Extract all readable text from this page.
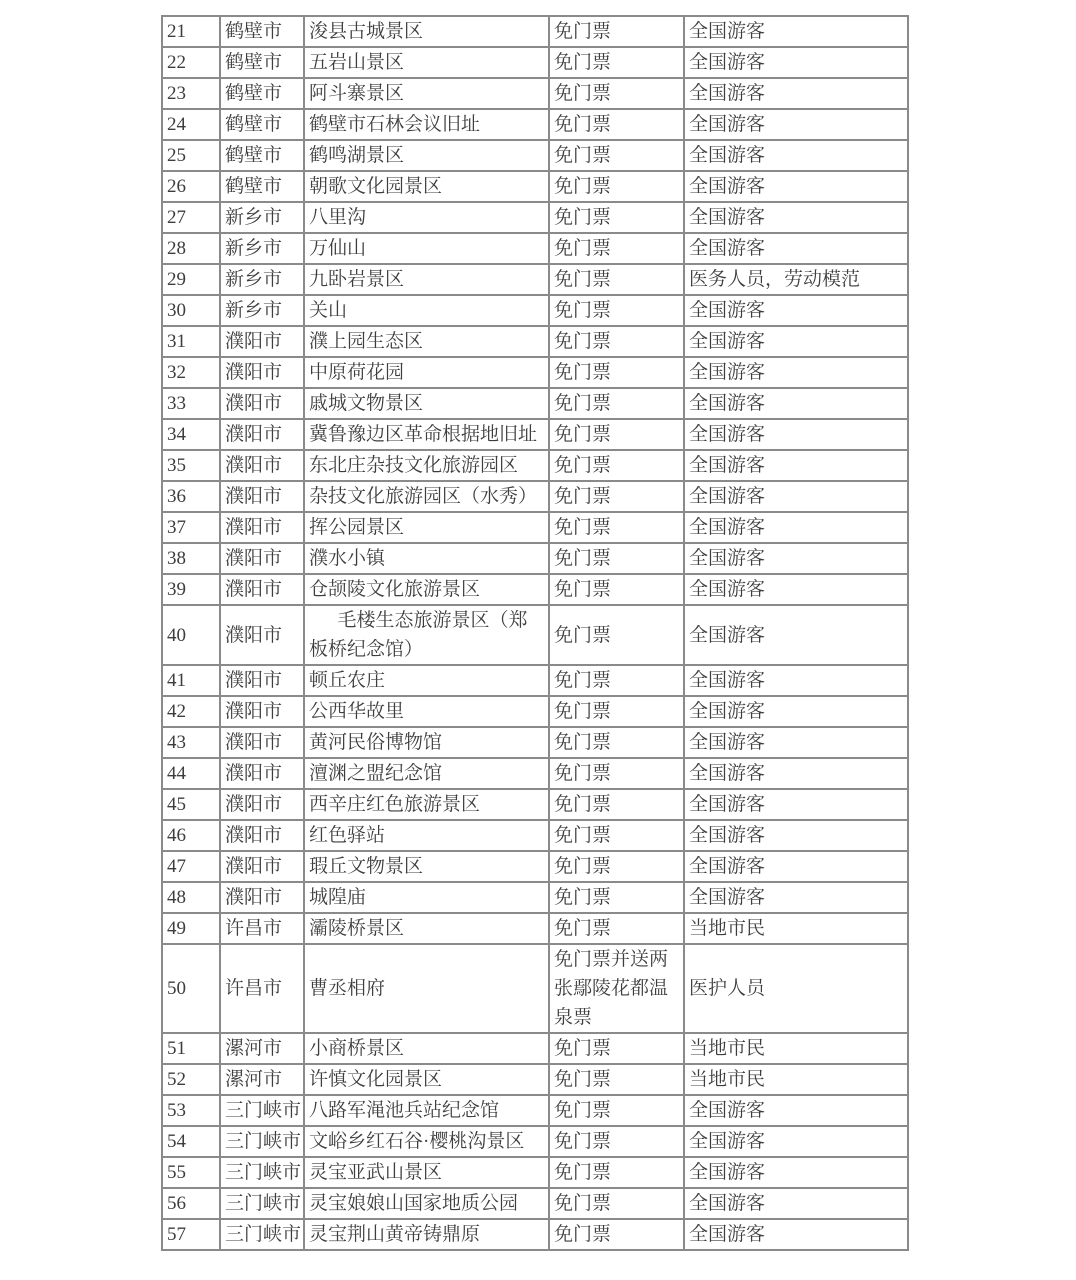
21	鹤壁市	浚县古城景区	免门票	全国游客
22	鹤壁市	五岩山景区	免门票	全国游客
23	鹤壁市	阿斗寨景区	免门票	全国游客
24	鹤壁市	鹤壁市石林会议旧址	免门票	全国游客
25	鹤壁市	鹤鸣湖景区	免门票	全国游客
26	鹤壁市	朝歌文化园景区	免门票	全国游客
27	新乡市	八里沟	免门票	全国游客
28	新乡市	万仙山	免门票	全国游客
29	新乡市	九卧岩景区	免门票	医务人员，劳动模范
30	新乡市	关山	免门票	全国游客
31	濮阳市	濮上园生态区	免门票	全国游客
32	濮阳市	中原荷花园	免门票	全国游客
33	濮阳市	戚城文物景区	免门票	全国游客
34	濮阳市	冀鲁豫边区革命根据地旧址	免门票	全国游客
35	濮阳市	东北庄杂技文化旅游园区	免门票	全国游客
36	濮阳市	杂技文化旅游园区（水秀）	免门票	全国游客
37	濮阳市	挥公园景区	免门票	全国游客
38	濮阳市	濮水小镇	免门票	全国游客
39	濮阳市	仓颉陵文化旅游景区	免门票	全国游客
40	濮阳市	毛楼生态旅游景区（郑板桥纪念馆）	免门票	全国游客
41	濮阳市	顿丘农庄	免门票	全国游客
42	濮阳市	公西华故里	免门票	全国游客
43	濮阳市	黄河民俗博物馆	免门票	全国游客
44	濮阳市	澶渊之盟纪念馆	免门票	全国游客
45	濮阳市	西辛庄红色旅游景区	免门票	全国游客
46	濮阳市	红色驿站	免门票	全国游客
47	濮阳市	瑕丘文物景区	免门票	全国游客
48	濮阳市	城隍庙	免门票	全国游客
49	许昌市	灞陵桥景区	免门票	当地市民
50	许昌市	曹丞相府	免门票并送两张鄢陵花都温泉票	医护人员
51	漯河市	小商桥景区	免门票	当地市民
52	漯河市	许慎文化园景区	免门票	当地市民
53	三门峡市	八路军渑池兵站纪念馆	免门票	全国游客
54	三门峡市	文峪乡红石谷·樱桃沟景区	免门票	全国游客
55	三门峡市	灵宝亚武山景区	免门票	全国游客
56	三门峡市	灵宝娘娘山国家地质公园	免门票	全国游客
57	三门峡市	灵宝荆山黄帝铸鼎原	免门票	全国游客
